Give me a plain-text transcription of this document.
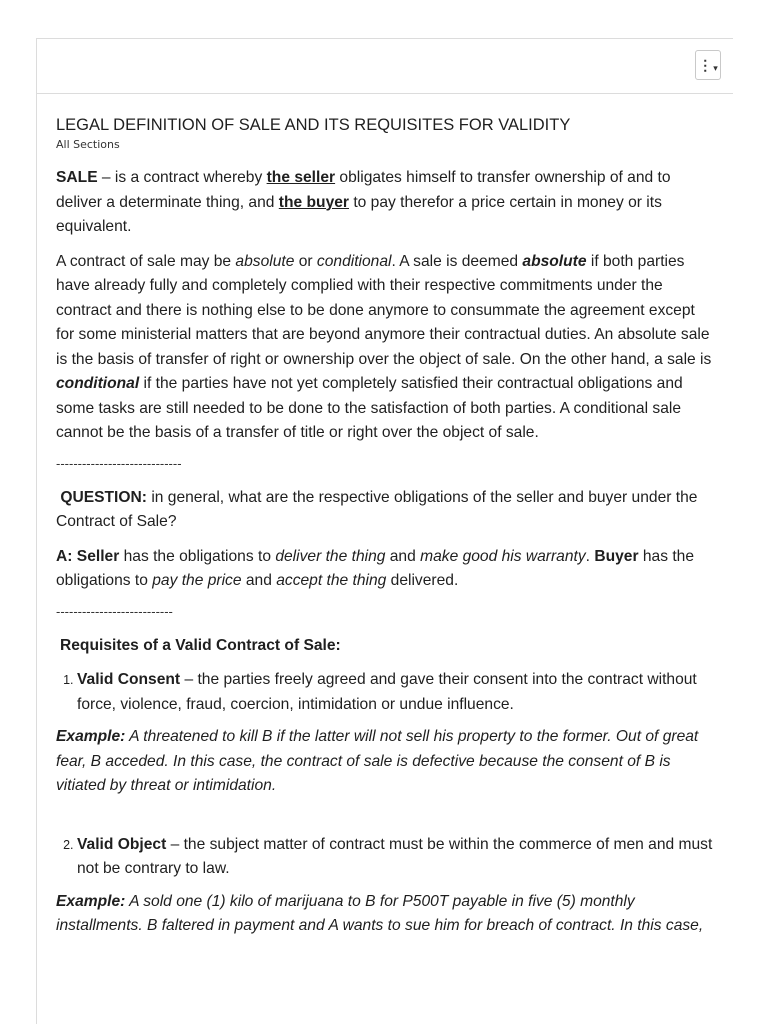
⋮ ▾
LEGAL DEFINITION OF SALE AND ITS REQUISITES FOR VALIDITY
All Sections

SALE – is a contract whereby the seller obligates himself to transfer ownership of and to deliver a determinate thing, and the buyer to pay therefor a price certain in money or its equivalent.

A contract of sale may be absolute or conditional. A sale is deemed absolute if both parties have already fully and completely complied with their respective commitments under the contract and there is nothing else to be done anymore to consummate the agreement except for some ministerial matters that are beyond anymore their contractual duties. An absolute sale is the basis of transfer of right or ownership over the object of sale. On the other hand, a sale is conditional if the parties have not yet completely satisfied their contractual obligations and some tasks are still needed to be done to the satisfaction of both parties. A conditional sale cannot be the basis of a transfer of title or right over the object of sale.

-----------------------------

QUESTION: in general, what are the respective obligations of the seller and buyer under the Contract of Sale?

A: Seller has the obligations to deliver the thing and make good his warranty. Buyer has the obligations to pay the price and accept the thing delivered.

---------------------------
Requisites of a Valid Contract of Sale:
1. Valid Consent – the parties freely agreed and gave their consent into the contract without force, violence, fraud, coercion, intimidation or undue influence.

Example: A threatened to kill B if the latter will not sell his property to the former. Out of great fear, B acceded. In this case, the contract of sale is defective because the consent of B is vitiated by threat or intimidation.

2. Valid Object – the subject matter of contract must be within the commerce of men and must not be contrary to law.

Example: A sold one (1) kilo of marijuana to B for P500T payable in five (5) monthly installments. B faltered in payment and A wants to sue him for breach of contract. In this case,
